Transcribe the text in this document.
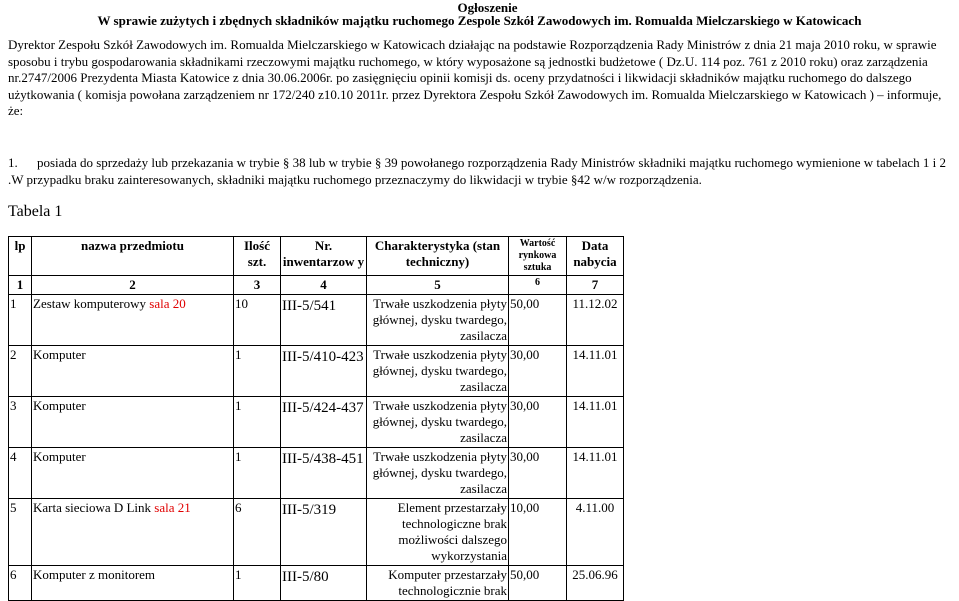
Ogłoszenie
W sprawie zużytych i zbędnych składników majątku ruchomego Zespole Szkół Zawodowych im. Romualda Mielczarskiego w Katowicach
Dyrektor Zespołu Szkół Zawodowych im. Romualda Mielczarskiego w Katowicach działając na podstawie Rozporządzenia Rady Ministrów z dnia 21 maja 2010 roku, w sprawie sposobu i trybu gospodarowania składnikami rzeczowymi majątku ruchomego, w który wyposażone są jednostki budżetowe ( Dz.U. 114 poz. 761 z 2010 roku) oraz zarządzenia nr.2747/2006 Prezydenta Miasta Katowice z dnia 30.06.2006r. po zasięgnięciu opinii komisji ds. oceny przydatności i likwidacji składników majątku ruchomego do dalszego użytkowania ( komisja powołana zarządzeniem nr 172/240 z10.10 2011r. przez Dyrektora Zespołu Szkół Zawodowych im. Romualda Mielczarskiego w Katowicach ) – informuje, że:
1.	posiada do sprzedaży lub przekazania w trybie § 38 lub w trybie § 39 powołanego rozporządzenia Rady Ministrów składniki majątku ruchomego wymienione w tabelach 1 i 2 .W przypadku braku zainteresowanych, składniki majątku ruchomego przeznaczymy do likwidacji w trybie §42 w/w rozporządzenia.
Tabela 1
lp	nazwa przedmiotu	Ilość szt.	Nr. inwentarzow y	Charakterystyka (stan techniczny)	Wartość rynkowa sztuka	Data nabycia
1	2	3	4	5	6	7
1	Zestaw komputerowy sala 20	10	III-5/541	Trwałe uszkodzenia płyty głównej, dysku twardego, zasilacza	50,00	11.12.02
2	Komputer	1	III-5/410-423	Trwałe uszkodzenia płyty głównej, dysku twardego, zasilacza	30,00	14.11.01
3	Komputer	1	III-5/424-437	Trwałe uszkodzenia płyty głównej, dysku twardego, zasilacza	30,00	14.11.01
4	Komputer	1	III-5/438-451	Trwałe uszkodzenia płyty głównej, dysku twardego, zasilacza	30,00	14.11.01
5	Karta sieciowa D Link sala 21	6	III-5/319	Element przestarzały technologiczne brak możliwości dalszego wykorzystania	10,00	4.11.00
6	Komputer z monitorem	1	III-5/80	Komputer przestarzały technologicznie brak	50,00	25.06.96
